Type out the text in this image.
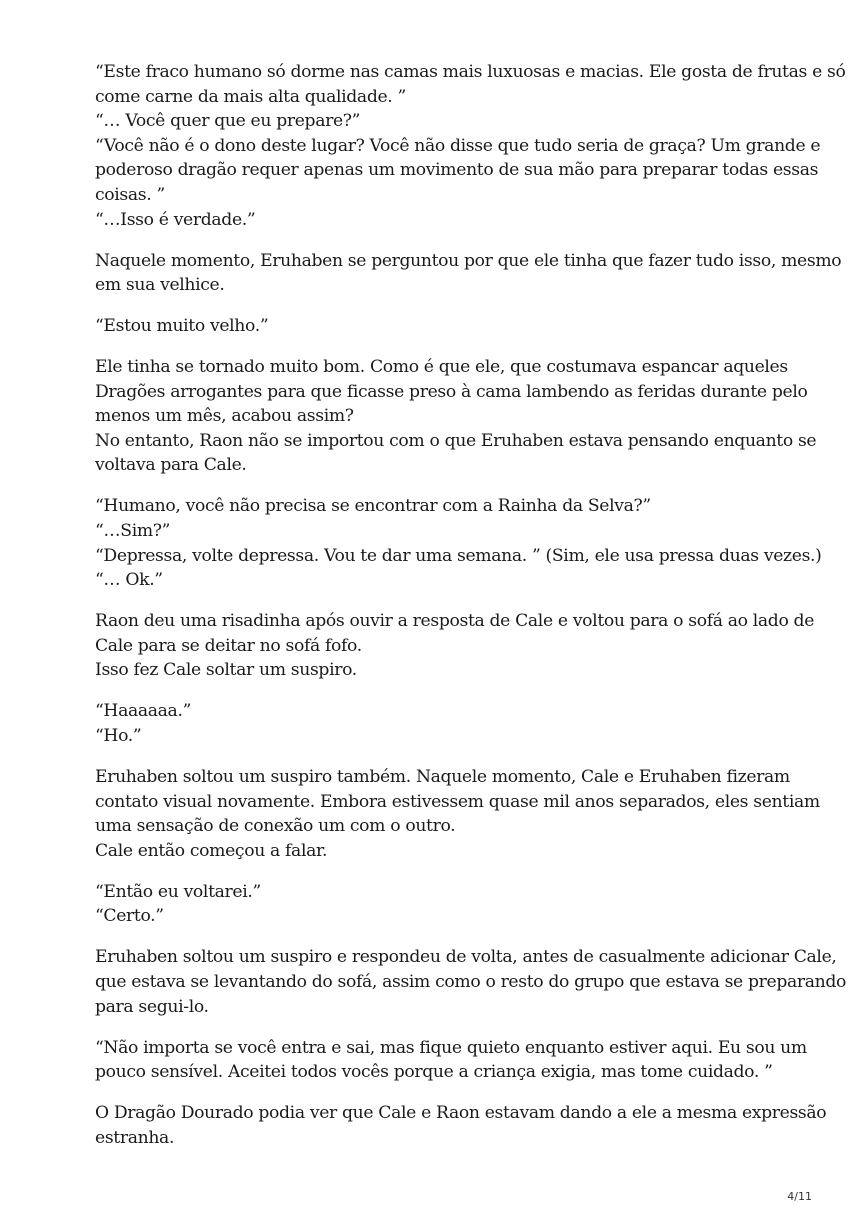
“Este fraco humano só dorme nas camas mais luxuosas e macias. Ele gosta de frutas e só
come carne da mais alta qualidade. ”
“… Você quer que eu prepare?”
“Você não é o dono deste lugar? Você não disse que tudo seria de graça? Um grande e
poderoso dragão requer apenas um movimento de sua mão para preparar todas essas
coisas. ”
“…Isso é verdade.”

Naquele momento, Eruhaben se perguntou por que ele tinha que fazer tudo isso, mesmo
em sua velhice.

“Estou muito velho.”

Ele tinha se tornado muito bom. Como é que ele, que costumava espancar aqueles
Dragões arrogantes para que ficasse preso à cama lambendo as feridas durante pelo
menos um mês, acabou assim?
No entanto, Raon não se importou com o que Eruhaben estava pensando enquanto se
voltava para Cale.

“Humano, você não precisa se encontrar com a Rainha da Selva?”
“…Sim?”
“Depressa, volte depressa. Vou te dar uma semana. ” (Sim, ele usa pressa duas vezes.)
“… Ok.”

Raon deu uma risadinha após ouvir a resposta de Cale e voltou para o sofá ao lado de
Cale para se deitar no sofá fofo.
Isso fez Cale soltar um suspiro.

“Haaaaaa.”
“Ho.”

Eruhaben soltou um suspiro também. Naquele momento, Cale e Eruhaben fizeram
contato visual novamente. Embora estivessem quase mil anos separados, eles sentiam
uma sensação de conexão um com o outro.
Cale então começou a falar.

“Então eu voltarei.”
“Certo.”

Eruhaben soltou um suspiro e respondeu de volta, antes de casualmente adicionar Cale,
que estava se levantando do sofá, assim como o resto do grupo que estava se preparando
para segui-lo.

“Não importa se você entra e sai, mas fique quieto enquanto estiver aqui. Eu sou um
pouco sensível. Aceitei todos vocês porque a criança exigia, mas tome cuidado. ”

O Dragão Dourado podia ver que Cale e Raon estavam dando a ele a mesma expressão
estranha.

4/11
